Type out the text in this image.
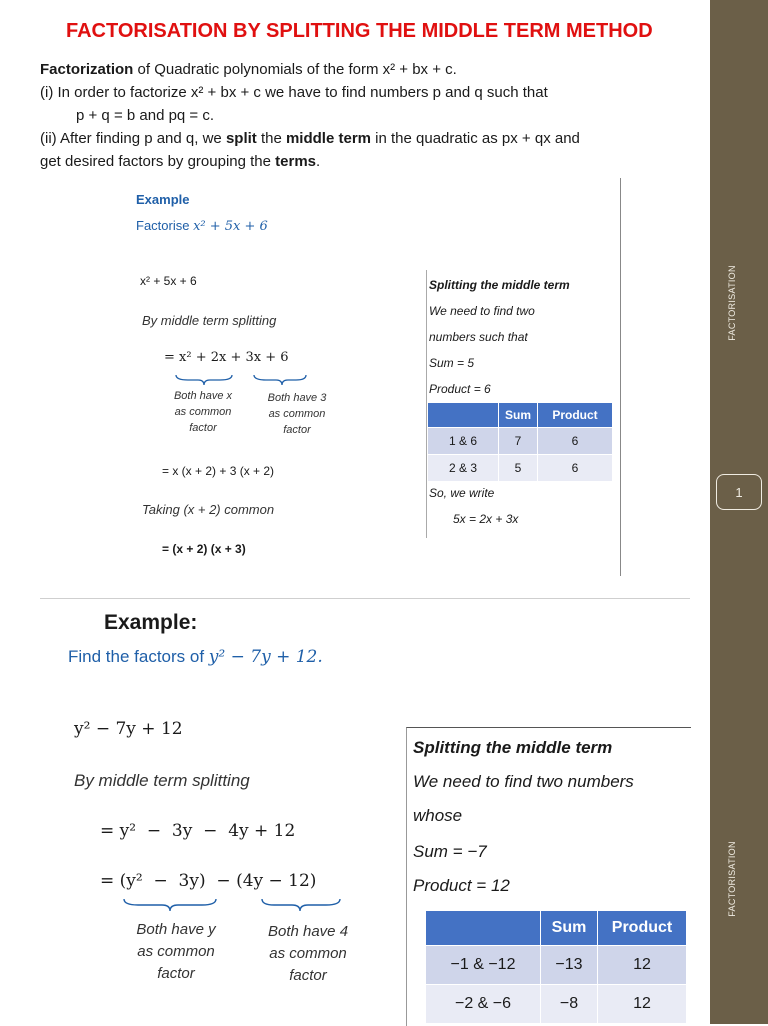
FACTORISATION
FACTORISATION
1
FACTORISATION BY SPLITTING THE MIDDLE TERM METHOD

Factorization of Quadratic polynomials of the form x² + bx + c.

(i) In order to factorize x² + bx + c we have to find numbers p and q such that

p + q = b and pq = c.

(ii) After finding p and q, we split the middle term in the quadratic as px + qx and

get desired factors by grouping the terms.

Example
Factorise x² + 5x + 6
x² + 5x + 6
By middle term splitting
= x² + 2x + 3x + 6
Both have x
as common
factor
Both have 3
as common
factor
= x (x + 2) + 3 (x + 2)
Taking (x + 2) common
= (x + 2) (x + 3)
Splitting the middle term
We need to find two
numbers such that
Sum = 5
Product = 6
	Sum	Product
1 & 6	7	6
2 & 3	5	6
So, we write
5x = 2x + 3x
Example:
Find the factors of y² − 7y + 12.
y² − 7y + 12
By middle term splitting
= y²  −  3y  −  4y + 12
= (y²  −  3y)  − (4y − 12)
Both have y
as common
factor
Both have 4
as common
factor
Splitting the middle term
We need to find two numbers
whose
Sum = −7
Product = 12
	Sum	Product
−1 & −12	−13	12
−2 & −6	−8	12
